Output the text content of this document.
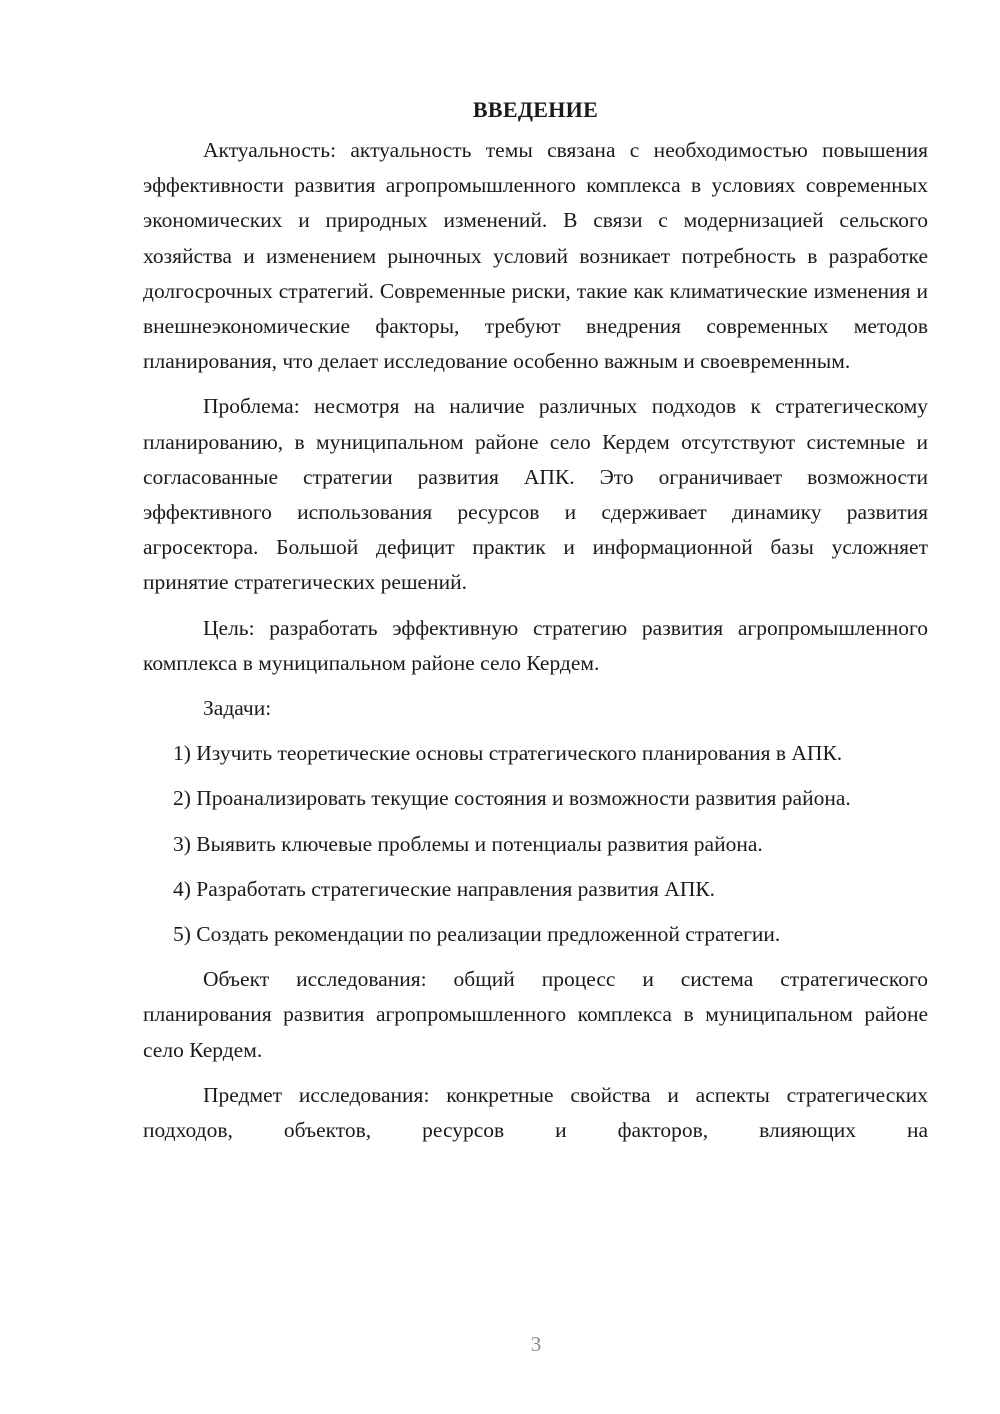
ВВЕДЕНИЕ

Актуальность: актуальность темы связана с необходимостью повышения эффективности развития агропромышленного комплекса в условиях современных экономических и природных изменений. В связи с модернизацией сельского хозяйства и изменением рыночных условий возникает потребность в разработке долгосрочных стратегий. Современные риски, такие как климатические изменения и внешнеэкономические факторы, требуют внедрения современных методов планирования, что делает исследование особенно важным и своевременным.

Проблема: несмотря на наличие различных подходов к стратегическому планированию, в муниципальном районе село Кердем отсутствуют системные и согласованные стратегии развития АПК. Это ограничивает возможности эффективного использования ресурсов и сдерживает динамику развития агросектора. Большой дефицит практик и информационной базы усложняет принятие стратегических решений.

Цель: разработать эффективную стратегию развития агропромышленного комплекса в муниципальном районе село Кердем.

Задачи:

1) Изучить теоретические основы стратегического планирования в АПК.

2) Проанализировать текущие состояния и возможности развития района.

3) Выявить ключевые проблемы и потенциалы развития района.

4) Разработать стратегические направления развития АПК.

5) Создать рекомендации по реализации предложенной стратегии.

Объект исследования: общий процесс и система стратегического планирования развития агропромышленного комплекса в муниципальном районе село Кердем.

Предмет исследования: конкретные свойства и аспекты стратегических подходов, объектов, ресурсов и факторов, влияющих на

3
